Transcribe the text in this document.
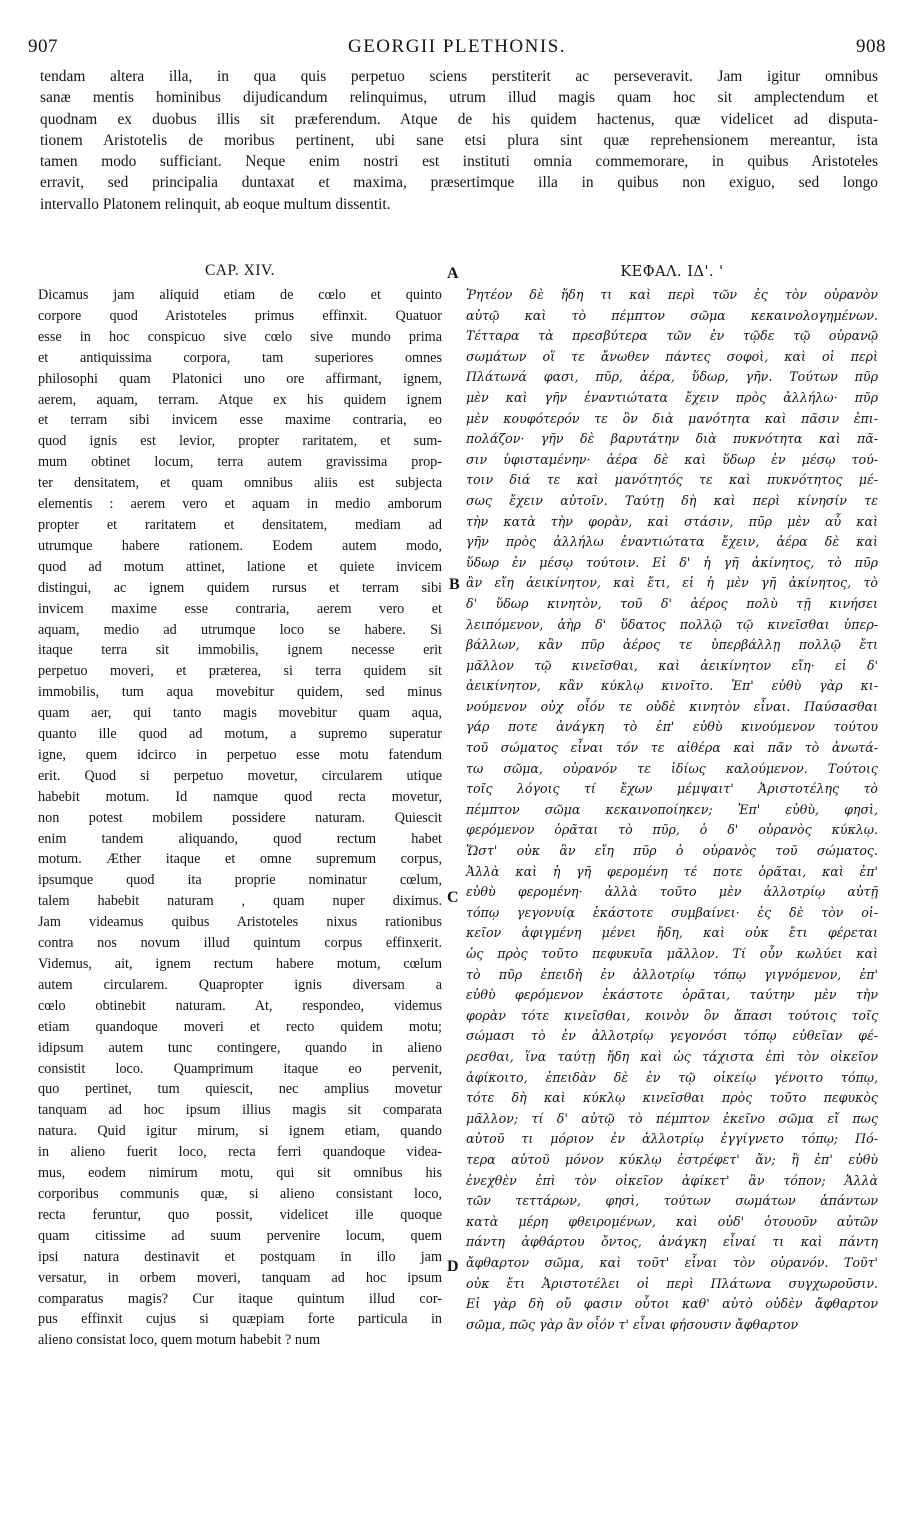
907	GEORGII PLETHONIS.	908
tendam altera illa, in qua quis perpetuo sciens perstiterit ac perseveravit. Jam igitur omnibus
sanæ mentis hominibus dijudicandum relinquimus, utrum illud magis quam hoc sit amplectendum et
quodnam ex duobus illis sit præferendum. Atque de his quidem hactenus, quæ videlicet ad disputa-
tionem Aristotelis de moribus pertinent, ubi sane etsi plura sint quæ reprehensionem mereantur, ista
tamen modo sufficiant. Neque enim nostri est instituti omnia commemorare, in quibus Aristoteles
erravit, sed principalia duntaxat et maxima, præsertimque illa in quibus non exiguo, sed longo
intervallo Platonem relinquit, ab eoque multum dissentit.
CAP. XIV.	ΚΕΦΑΛ. ΙΔ'. '
Dicamus jam aliquid etiam de cœlo et quinto
corpore quod Aristoteles primus effinxit. Quatuor
esse in hoc conspicuo sive cœlo sive mundo prima
et antiquissima corpora, tam superiores omnes
philosophi quam Platonici uno ore affirmant, ignem,
aerem, aquam, terram. Atque ex his quidem ignem
et terram sibi invicem esse maxime contraria, eo
quod ignis est levior, propter raritatem, et sum-
mum obtinet locum, terra autem gravissima prop-
ter densitatem, et quam omnibus aliis est subjecta
elementis : aerem vero et aquam in medio amborum
propter et raritatem et densitatem, mediam ad
utrumque habere rationem. Eodem autem modo,
quod ad motum attinet, latione et quiete invicem
distingui, ac ignem quidem rursus et terram sibi
invicem maxime esse contraria, aerem vero et
aquam, medio ad utrumque loco se habere. Si
itaque terra sit immobilis, ignem necesse erit
perpetuo moveri, et præterea, si terra quidem sit
immobilis, tum aqua movebitur quidem, sed minus
quam aer, qui tanto magis movebitur quam aqua,
quanto ille quod ad motum, a supremo superatur
igne, quem idcirco in perpetuo esse motu fatendum
erit. Quod si perpetuo movetur, circularem utique
habebit motum. Id namque quod recta movetur,
non potest mobilem possidere naturam. Quiescit
enim tandem aliquando, quod rectum habet
motum. Æther itaque et omne supremum corpus,
ipsumque quod ita proprie nominatur cœlum,
talem habebit naturam , quam nuper diximus.
Jam videamus quibus Aristoteles nixus rationibus
contra nos novum illud quintum corpus effinxerit.
Videmus, ait, ignem rectum habere motum, cœlum
autem circularem. Quapropter ignis diversam a
cœlo obtinebit naturam. At, respondeo, videmus
etiam quandoque moveri et recto quidem motu;
idipsum autem tunc contingere, quando in alieno
consistit loco. Quamprimum itaque eo pervenit,
quo pertinet, tum quiescit, nec amplius movetur
tanquam ad hoc ipsum illius magis sit comparata
natura. Quid igitur mirum, si ignem etiam, quando
in alieno fuerit loco, recta ferri quandoque videa-
mus, eodem nimirum motu, qui sit omnibus his
corporibus communis quæ, si alieno consistant loco,
recta feruntur, quo possit, videlicet ille quoque
quam citissime ad suum pervenire locum, quem
ipsi natura destinavit et postquam in illo jam
versatur, in orbem moveri, tanquam ad hoc ipsum
comparatus magis? Cur itaque quintum illud cor-
pus effinxit cujus si quæpiam forte particula in
alieno consistat loco, quem motum habebit ? num
Ῥητέον δὲ ἤδη τι καὶ περὶ τῶν ἐς τὸν οὐρανὸν
αὐτῷ καὶ τὸ πέμπτον σῶμα κεκαινολογημένων.
Τέτταρα τὰ πρεσβύτερα τῶν ἐν τῷδε τῷ οὐρανῷ
σωμάτων οἵ τε ἄνωθεν πάντες σοφοὶ, καὶ οἱ περὶ
Πλάτωνά φασι, πῦρ, ἀέρα, ὕδωρ, γῆν. Τούτων πῦρ
μὲν καὶ γῆν ἐναντιώτατα ἔχειν πρὸς ἀλλήλω· πῦρ
μὲν κουφότερόν τε ὂν διὰ μανότητα καὶ πᾶσιν ἐπι-
πολάζον· γῆν δὲ βαρυτάτην διὰ πυκνότητα καὶ πᾶ-
σιν ὑφισταμένην· ἀέρα δὲ καὶ ὕδωρ ἐν μέσῳ τού-
τοιν διά τε καὶ μανότητός τε καὶ πυκνότητος μέ-
σως ἔχειν αὐτοῖν. Ταύτῃ δὴ καὶ περὶ κίνησίν τε
τὴν κατὰ τὴν φορὰν, καὶ στάσιν, πῦρ μὲν αὖ καὶ
γῆν πρὸς ἀλλήλω ἐναντιώτατα ἔχειν, ἀέρα δὲ καὶ
ὕδωρ ἐν μέσῳ τούτοιν. Εἰ δ' ἡ γῆ ἀκίνητος, τὸ πῦρ
ἂν εἴη ἀεικίνητον, καὶ ἔτι, εἰ ἡ μὲν γῆ ἀκίνητος, τὸ
δ' ὕδωρ κινητὸν, τοῦ δ' ἀέρος πολὺ τῇ κινήσει
λειπόμενον, ἀὴρ δ' ὕδατος πολλῷ τῷ κινεῖσθαι ὑπερ-
βάλλων, κἂν πῦρ ἀέρος τε ὑπερβάλλῃ πολλῷ ἔτι
μᾶλλον τῷ κινεῖσθαι, καὶ ἀεικίνητον εἴη· εἰ δ'
ἀεικίνητον, κἂν κύκλῳ κινοῖτο. Ἐπ' εὐθὺ γὰρ κι-
νούμενον οὐχ οἷόν τε οὐδὲ κινητὸν εἶναι. Παύσασθαι
γάρ ποτε ἀνάγκη τὸ ἐπ' εὐθὺ κινούμενον τούτου
τοῦ σώματος εἶναι τόν τε αἰθέρα καὶ πᾶν τὸ ἀνωτά-
τω σῶμα, οὐρανόν τε ἰδίως καλούμενον. Τούτοις
τοῖς λόγοις τί ἔχων μέμψαιτ' Ἀριστοτέλης τὸ
πέμπτον σῶμα κεκαινοποίηκεν; Ἐπ' εὐθὺ, φησὶ,
φερόμενον ὁρᾶται τὸ πῦρ, ὁ δ' οὐρανὸς κύκλῳ.
Ὥστ' οὐκ ἂν εἴη πῦρ ὁ οὐρανὸς τοῦ σώματος.
Ἀλλὰ καὶ ἡ γῆ φερομένη τέ ποτε ὁρᾶται, καὶ ἐπ'
εὐθὺ φερομένη· ἀλλὰ τοῦτο μὲν ἀλλοτρίῳ αὐτῇ
τόπῳ γεγονυίᾳ ἑκάστοτε συμβαίνει· ἐς δὲ τὸν οἰ-
κεῖον ἀφιγμένη μένει ἤδη, καὶ οὐκ ἔτι φέρεται
ὡς πρὸς τοῦτο πεφυκυῖα μᾶλλον. Τί οὖν κωλύει καὶ
τὸ πῦρ ἐπειδὴ ἐν ἀλλοτρίῳ τόπῳ γιγνόμενον, ἐπ'
εὐθὺ φερόμενον ἑκάστοτε ὁρᾶται, ταύτην μὲν τὴν
φορὰν τότε κινεῖσθαι, κοινὸν ὂν ἅπασι τούτοις τοῖς
σώμασι τὸ ἐν ἀλλοτρίῳ γεγονόσι τόπῳ εὐθεῖαν φέ-
ρεσθαι, ἵνα ταύτῃ ἤδη καὶ ὡς τάχιστα ἐπὶ τὸν οἰκεῖον
ἀφίκοιτο, ἐπειδὰν δὲ ἐν τῷ οἰκείῳ γένοιτο τόπῳ,
τότε δὴ καὶ κύκλῳ κινεῖσθαι πρὸς τοῦτο πεφυκὸς
μᾶλλον; τί δ' αὐτῷ τὸ πέμπτον ἐκεῖνο σῶμα εἴ πως
αὐτοῦ τι μόριον ἐν ἀλλοτρίῳ ἐγγίγνετο τόπῳ; Πό-
τερα αὐτοῦ μόνον κύκλῳ ἐστρέφετ' ἄν; ἢ ἐπ' εὐθὺ
ἐνεχθὲν ἐπὶ τὸν οἰκεῖον ἀφίκετ' ἂν τόπον; Ἀλλὰ
τῶν τεττάρων, φησὶ, τούτων σωμάτων ἁπάντων
κατὰ μέρη φθειρομένων, καὶ οὐδ' ὁτουοῦν αὐτῶν
πάντη ἀφθάρτου ὄντος, ἀνάγκη εἶναί τι καὶ πάντη
ἄφθαρτον σῶμα, καὶ τοῦτ' εἶναι τὸν οὐρανόν. Τοῦτ'
οὐκ ἔτι Ἀριστοτέλει οἱ περὶ Πλάτωνα συγχωροῦσιν.
Εἰ γὰρ δὴ οὔ φασιν οὗτοι καθ' αὑτὸ οὐδὲν ἄφθαρτον
σῶμα, πῶς γὰρ ἂν οἷόν τ' εἶναι φήσουσιν ἄφθαρτον
A
B
C
D
